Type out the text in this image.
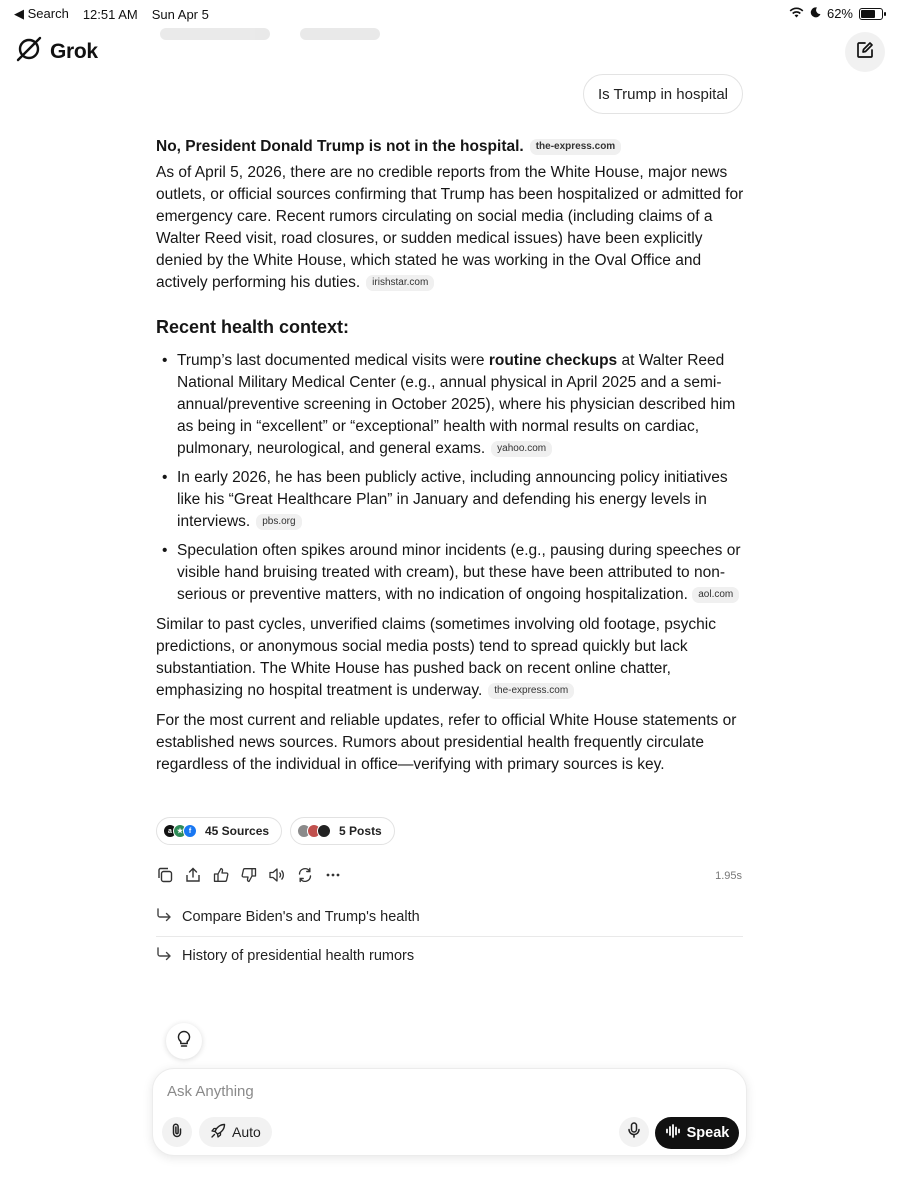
◀ Search 12:51 AM Sun Apr 5	62%
Grok
Is Trump in hospital

No, President Donald Trump is not in the hospital. the-express.com

As of April 5, 2026, there are no credible reports from the White House, major news outlets, or official sources confirming that Trump has been hospitalized or admitted for emergency care. Recent rumors circulating on social media (including claims of a Walter Reed visit, road closures, or sudden medical issues) have been explicitly denied by the White House, which stated he was working in the Oval Office and actively performing his duties. irishstar.com

Recent health context:
• Trump’s last documented medical visits were routine checkups at Walter Reed National Military Medical Center (e.g., annual physical in April 2025 and a semi-annual/preventive screening in October 2025), where his physician described him as being in “excellent” or “exceptional” health with normal results on cardiac, pulmonary, neurological, and general exams. yahoo.com
• In early 2026, he has been publicly active, including announcing policy initiatives like his “Great Healthcare Plan” in January and defending his energy levels in interviews. pbs.org
• Speculation often spikes around minor incidents (e.g., pausing during speeches or visible hand bruising treated with cream), but these have been attributed to non-serious or preventive matters, with no indication of ongoing hospitalization. aol.com

Similar to past cycles, unverified claims (sometimes involving old footage, psychic predictions, or anonymous social media posts) tend to spread quickly but lack substantiation. The White House has pushed back on recent online chatter, emphasizing no hospital treatment is underway. the-express.com

For the most current and reliable updates, refer to official White House statements or established news sources. Rumors about presidential health frequently circulate regardless of the individual in office—verifying with primary sources is key.

a ★ f	45 Sources	5 Posts
1.95s
Compare Biden's and Trump's health
History of presidential health rumors
Ask Anything
Auto	Speak
